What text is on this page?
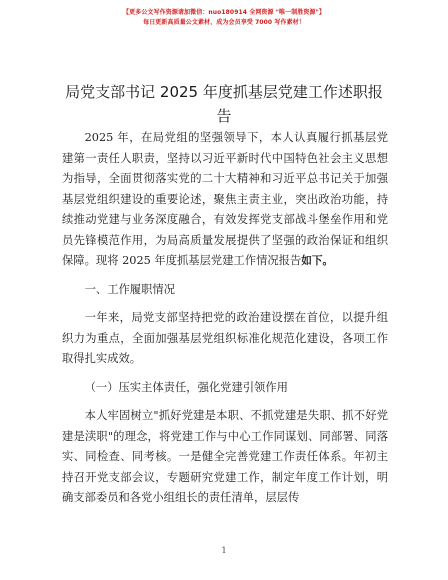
【更多公文写作资源请加微信：nuo180914 全网资源 "唯一制胜资源"】
每日更新高质量公文素材，成为会员享受 7000 写作素材！
局党支部书记 2025 年度抓基层党建工作述职报告

2025 年，在局党组的坚强领导下，本人认真履行抓基层党建第一责任人职责，坚持以习近平新时代中国特色社会主义思想为指导，全面贯彻落实党的二十大精神和习近平总书记关于加强基层党组织建设的重要论述，聚焦主责主业，突出政治功能，持续推动党建与业务深度融合，有效发挥党支部战斗堡垒作用和党员先锋模范作用，为局高质量发展提供了坚强的政治保证和组织保障。现将 2025 年度抓基层党建工作情况报告如下。

一、工作履职情况

一年来，局党支部坚持把党的政治建设摆在首位，以提升组织力为重点，全面加强基层党组织标准化规范化建设，各项工作取得扎实成效。

（一）压实主体责任，强化党建引领作用

本人牢固树立"抓好党建是本职、不抓党建是失职、抓不好党建是渎职"的理念，将党建工作与中心工作同谋划、同部署、同落实、同检查、同考核。一是健全完善党建工作责任体系。年初主持召开党支部会议，专题研究党建工作，制定年度工作计划，明确支部委员和各党小组组长的责任清单，层层传

1
